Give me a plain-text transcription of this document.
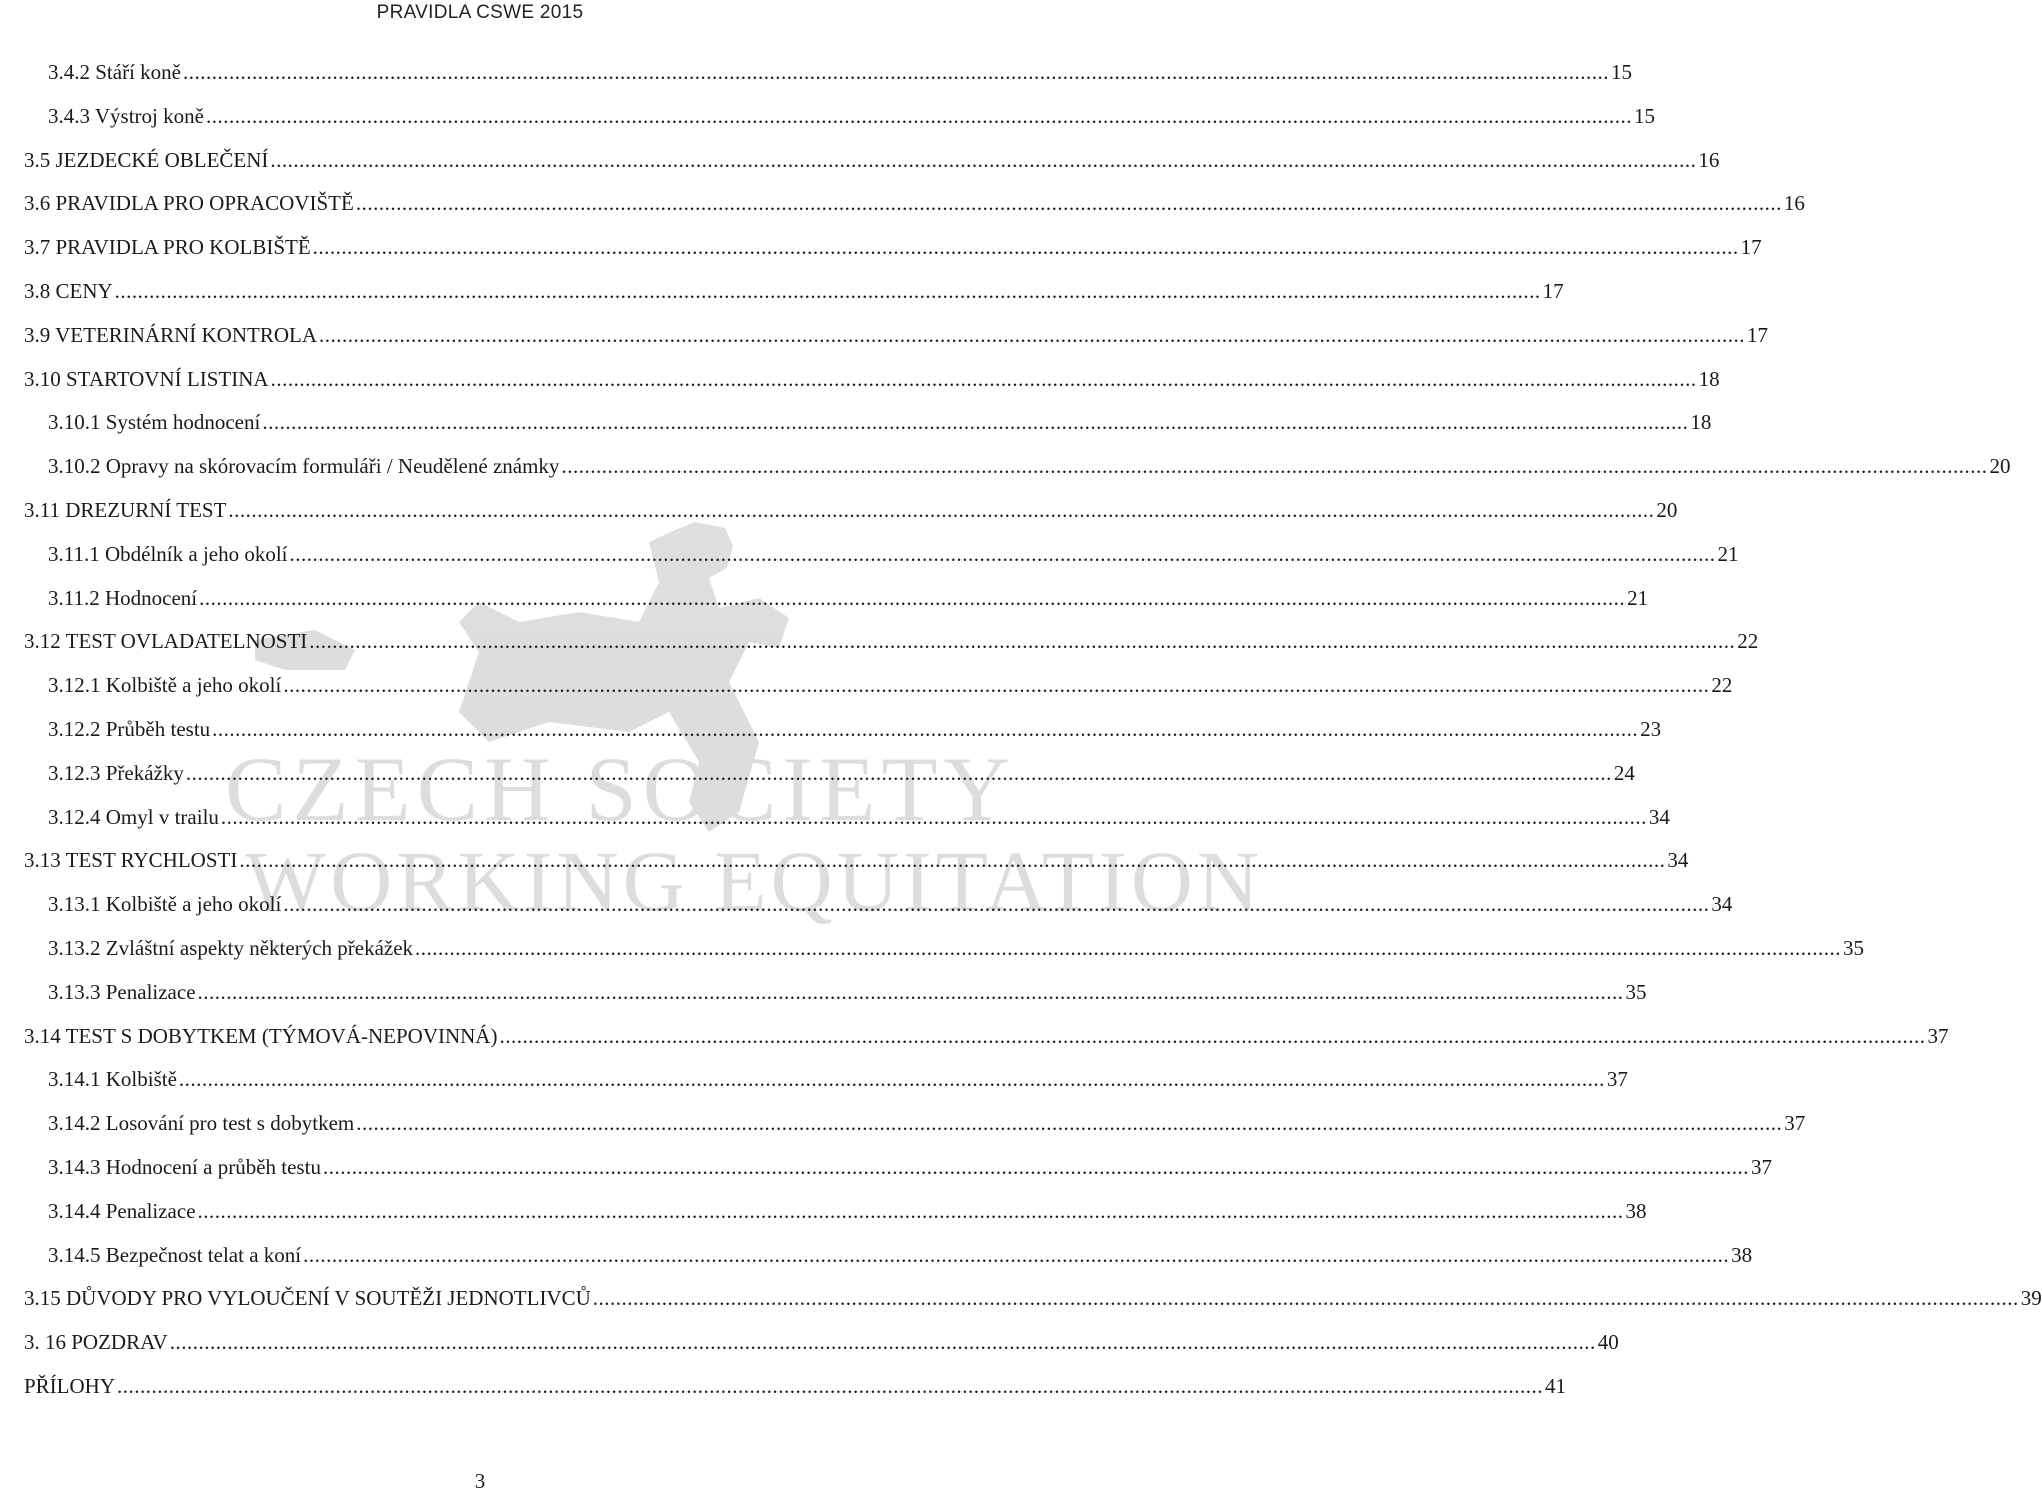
PRAVIDLA CSWE 2015
CZECH SOCIETY
WORKING EQUITATION
3.4.2 Stáří koně .....	15
3.4.3 Výstroj koně .....	15
3.5 JEZDECKÉ OBLEČENÍ .....	16
3.6 PRAVIDLA PRO OPRACOVIŠTĚ .....	16
3.7 PRAVIDLA PRO KOLBIŠTĚ .....	17
3.8 CENY .....	17
3.9 VETERINÁRNÍ KONTROLA .....	17
3.10 STARTOVNÍ LISTINA .....	18
3.10.1 Systém hodnocení .....	18
3.10.2 Opravy na skórovacím formuláři / Neudělené známky .....	20
3.11 DREZURNÍ TEST .....	20
3.11.1 Obdélník a jeho okolí .....	21
3.11.2 Hodnocení .....	21
3.12 TEST OVLADATELNOSTI .....	22
3.12.1 Kolbiště a jeho okolí .....	22
3.12.2 Průběh testu .....	23
3.12.3 Překážky .....	24
3.12.4 Omyl v trailu .....	34
3.13 TEST RYCHLOSTI .....	34
3.13.1 Kolbiště a jeho okolí .....	34
3.13.2 Zvláštní aspekty některých překážek .....	35
3.13.3 Penalizace .....	35
3.14 TEST S DOBYTKEM (TÝMOVÁ-NEPOVINNÁ) .....	37
3.14.1 Kolbiště .....	37
3.14.2 Losování pro test s dobytkem .....	37
3.14.3 Hodnocení a průběh testu .....	37
3.14.4 Penalizace .....	38
3.14.5 Bezpečnost telat a koní .....	38
3.15 DŮVODY PRO VYLOUČENÍ V SOUTĚŽI JEDNOTLIVCŮ .....	39
3. 16 POZDRAV .....	40
PŘÍLOHY .....	41
3
